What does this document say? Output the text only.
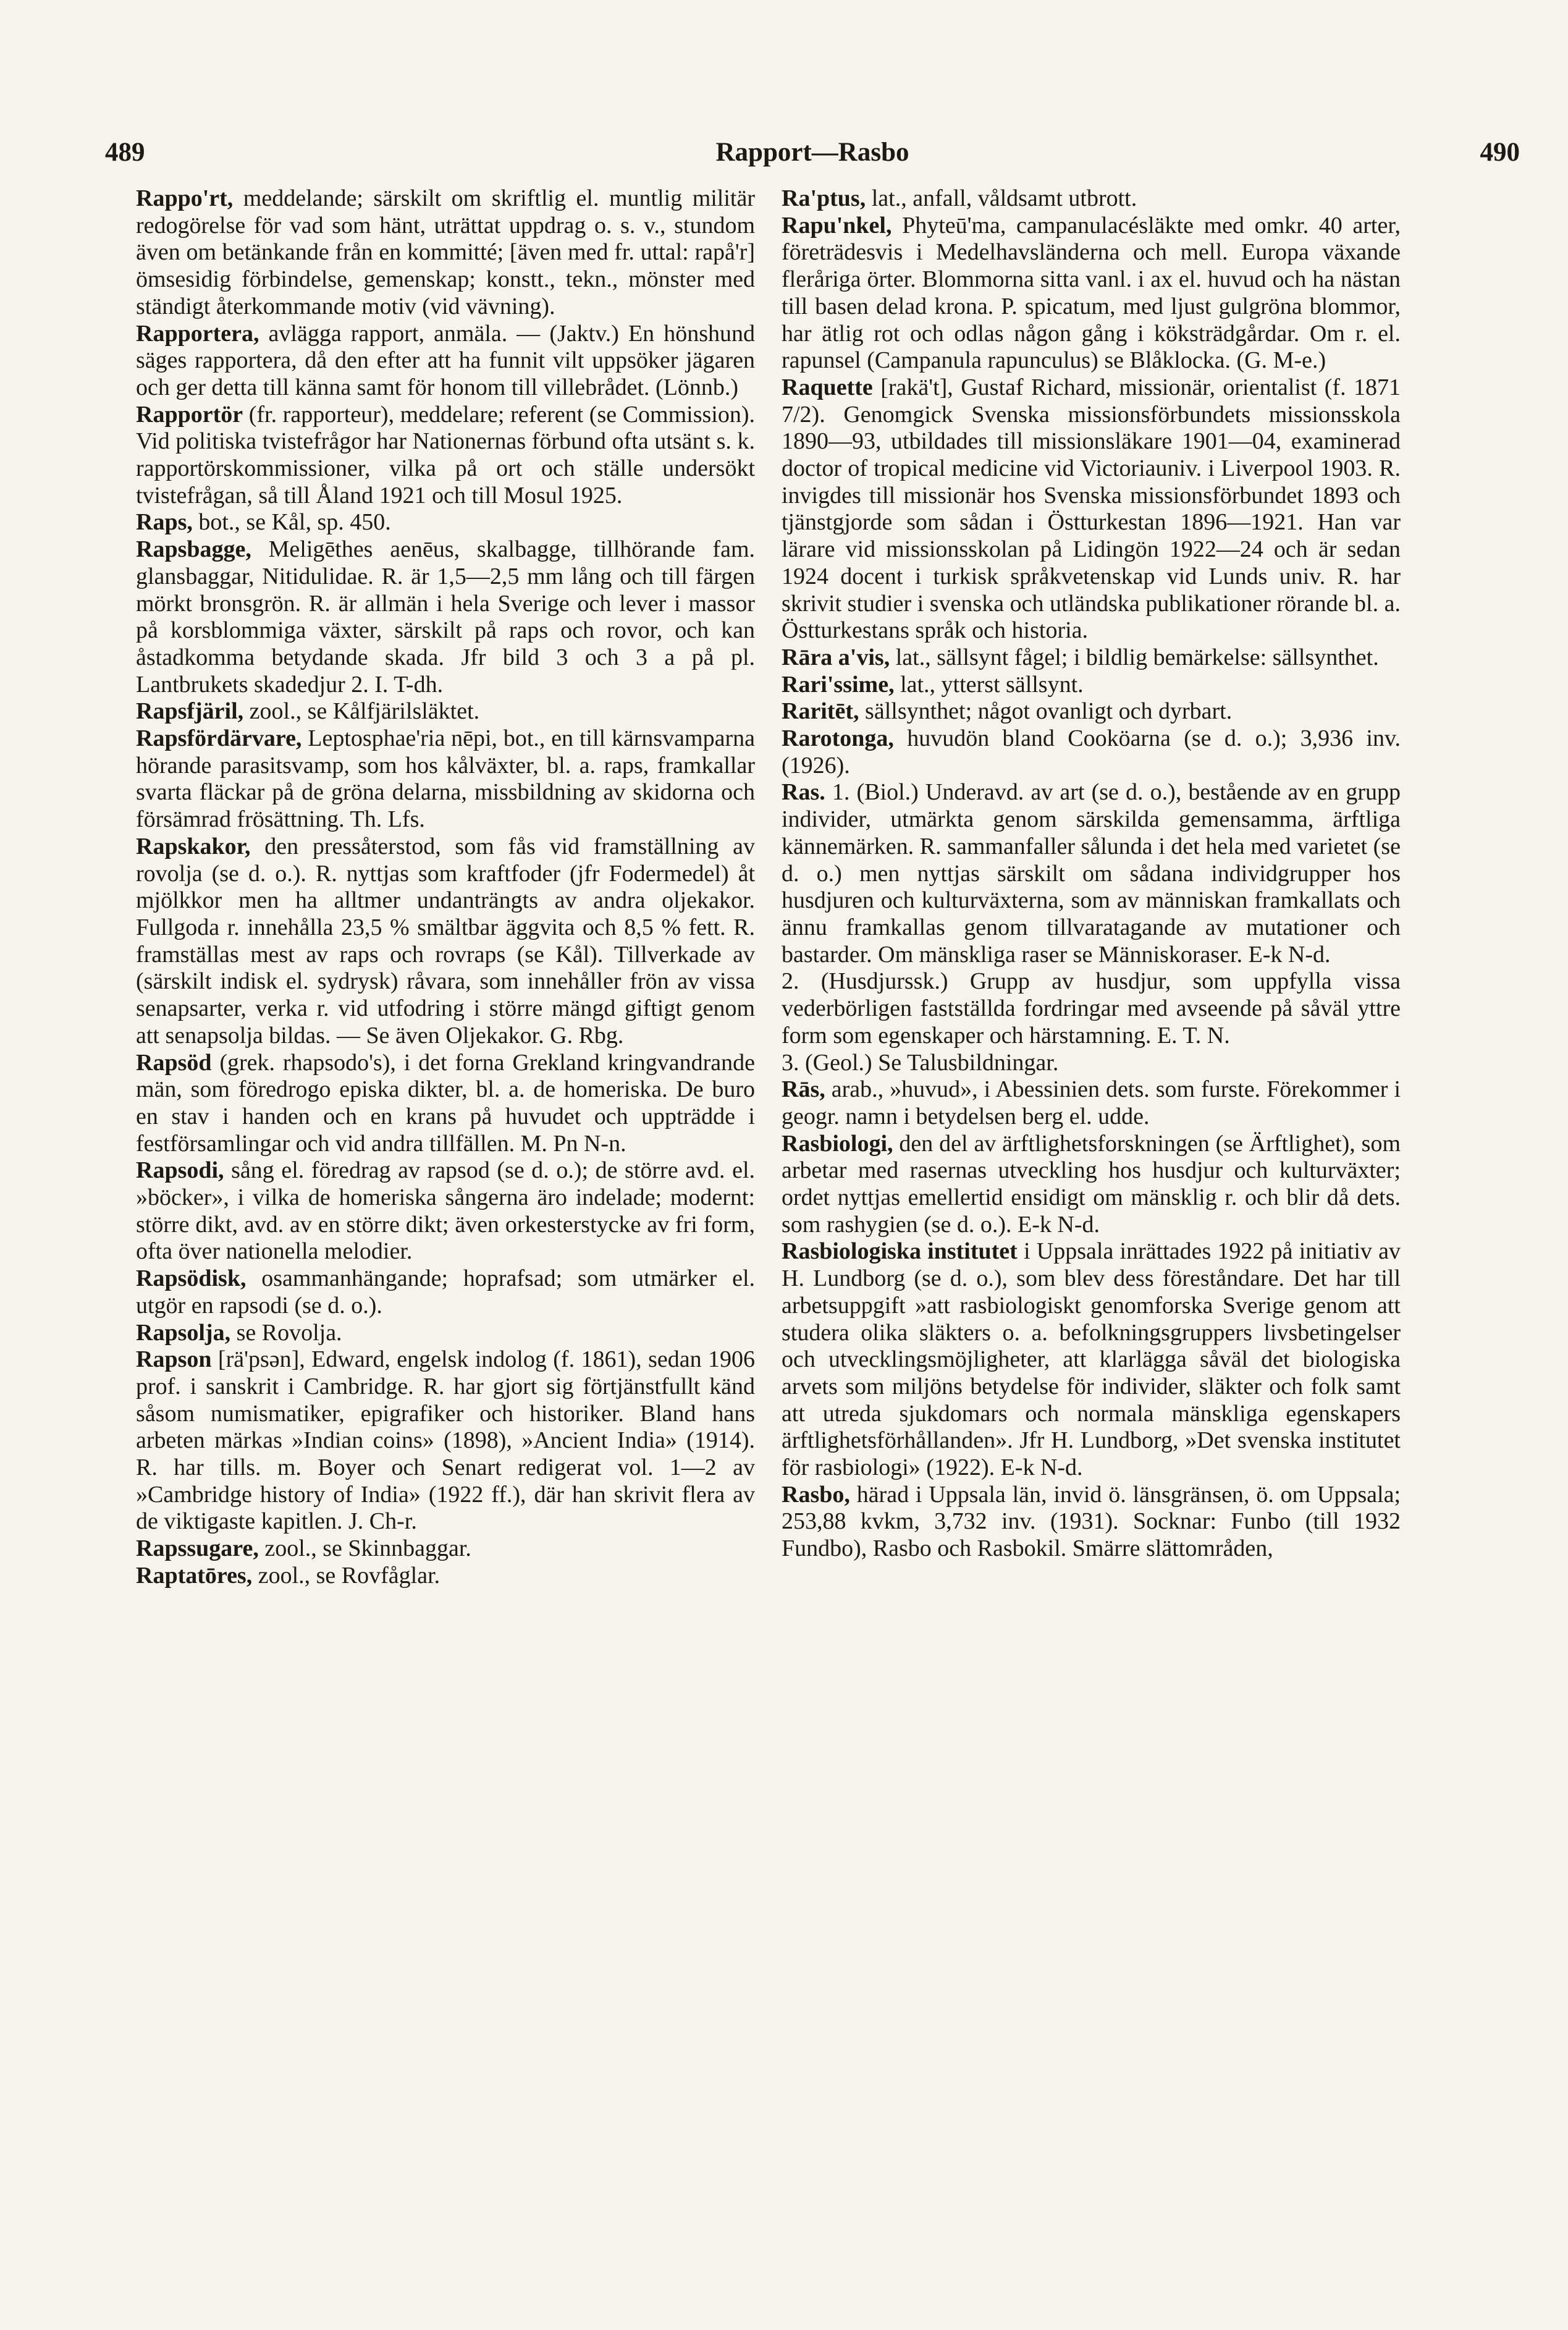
489	Rapport—Rasbo	490

Rappo'rt, meddelande; särskilt om skriftlig el. muntlig militär redogörelse för vad som hänt, uträttat uppdrag o. s. v., stundom även om betänkande från en kommitté; [även med fr. uttal: rapå'r] ömsesidig förbindelse, gemenskap; konstt., tekn., mönster med ständigt återkommande motiv (vid vävning).

Rapportera, avlägga rapport, anmäla. — (Jaktv.) En hönshund säges rapportera, då den efter att ha funnit vilt uppsöker jägaren och ger detta till känna samt för honom till villebrådet. (Lönnb.)

Rapportör (fr. rapporteur), meddelare; referent (se Commission). Vid politiska tvistefrågor har Nationernas förbund ofta utsänt s. k. rapportörskommissioner, vilka på ort och ställe undersökt tvistefrågan, så till Åland 1921 och till Mosul 1925.

Raps, bot., se Kål, sp. 450.

Rapsbagge, Meligēthes aenēus, skalbagge, tillhörande fam. glansbaggar, Nitidulidae. R. är 1,5—2,5 mm lång och till färgen mörkt bronsgrön. R. är allmän i hela Sverige och lever i massor på korsblommiga växter, särskilt på raps och rovor, och kan åstadkomma betydande skada. Jfr bild 3 och 3 a på pl. Lantbrukets skadedjur 2. I. T-dh.

Rapsfjäril, zool., se Kålfjärilsläktet.

Rapsfördärvare, Leptosphae'ria nēpi, bot., en till kärnsvamparna hörande parasitsvamp, som hos kålväxter, bl. a. raps, framkallar svarta fläckar på de gröna delarna, missbildning av skidorna och försämrad frösättning. Th. Lfs.

Rapskakor, den pressåterstod, som fås vid framställning av rovolja (se d. o.). R. nyttjas som kraftfoder (jfr Fodermedel) åt mjölkkor men ha alltmer undanträngts av andra oljekakor. Fullgoda r. innehålla 23,5 % smältbar äggvita och 8,5 % fett. R. framställas mest av raps och rovraps (se Kål). Tillverkade av (särskilt indisk el. sydrysk) råvara, som innehåller frön av vissa senapsarter, verka r. vid utfodring i större mängd giftigt genom att senapsolja bildas. — Se även Oljekakor. G. Rbg.

Rapsöd (grek. rhapsodo's), i det forna Grekland kringvandrande män, som föredrogo episka dikter, bl. a. de homeriska. De buro en stav i handen och en krans på huvudet och uppträdde i festförsamlingar och vid andra tillfällen. M. Pn N-n.

Rapsodi, sång el. föredrag av rapsod (se d. o.); de större avd. el. »böcker», i vilka de homeriska sångerna äro indelade; modernt: större dikt, avd. av en större dikt; även orkesterstycke av fri form, ofta över nationella melodier.

Rapsödisk, osammanhängande; hoprafsad; som utmärker el. utgör en rapsodi (se d. o.).

Rapsolja, se Rovolja.

Rapson [rä'psən], Edward, engelsk indolog (f. 1861), sedan 1906 prof. i sanskrit i Cambridge. R. har gjort sig förtjänstfullt känd såsom numismatiker, epigrafiker och historiker. Bland hans arbeten märkas »Indian coins» (1898), »Ancient India» (1914). R. har tills. m. Boyer och Senart redigerat vol. 1—2 av »Cambridge history of India» (1922 ff.), där han skrivit flera av de viktigaste kapitlen. J. Ch-r.

Rapssugare, zool., se Skinnbaggar.

Raptatōres, zool., se Rovfåglar.

Ra'ptus, lat., anfall, våldsamt utbrott.

Rapu'nkel, Phyteū'ma, campanulacésläkte med omkr. 40 arter, företrädesvis i Medelhavsländerna och mell. Europa växande fleråriga örter. Blommorna sitta vanl. i ax el. huvud och ha nästan till basen delad krona. P. spicatum, med ljust gulgröna blommor, har ätlig rot och odlas någon gång i köksträdgårdar. Om r. el. rapunsel (Campanula rapunculus) se Blåklocka. (G. M-e.)

Raquette [rakä't], Gustaf Richard, missionär, orientalist (f. 1871 7/2). Genomgick Svenska missionsförbundets missionsskola 1890—93, utbildades till missionsläkare 1901—04, examinerad doctor of tropical medicine vid Victoriauniv. i Liverpool 1903. R. invigdes till missionär hos Svenska missionsförbundet 1893 och tjänstgjorde som sådan i Östturkestan 1896—1921. Han var lärare vid missionsskolan på Lidingön 1922—24 och är sedan 1924 docent i turkisk språkvetenskap vid Lunds univ. R. har skrivit studier i svenska och utländska publikationer rörande bl. a. Östturkestans språk och historia.

Rāra a'vis, lat., sällsynt fågel; i bildlig bemärkelse: sällsynthet.

Rari'ssime, lat., ytterst sällsynt.

Raritēt, sällsynthet; något ovanligt och dyrbart.

Rarotonga, huvudön bland Cooköarna (se d. o.); 3,936 inv. (1926).

Ras. 1. (Biol.) Underavd. av art (se d. o.), bestående av en grupp individer, utmärkta genom särskilda gemensamma, ärftliga kännemärken. R. sammanfaller sålunda i det hela med varietet (se d. o.) men nyttjas särskilt om sådana individgrupper hos husdjuren och kulturväxterna, som av människan framkallats och ännu framkallas genom tillvaratagande av mutationer och bastarder. Om mänskliga raser se Människoraser. E-k N-d.

2. (Husdjurssk.) Grupp av husdjur, som uppfylla vissa vederbörligen fastställda fordringar med avseende på såväl yttre form som egenskaper och härstamning. E. T. N.

3. (Geol.) Se Talusbildningar.

Rās, arab., »huvud», i Abessinien dets. som furste. Förekommer i geogr. namn i betydelsen berg el. udde.

Rasbiologi, den del av ärftlighetsforskningen (se Ärftlighet), som arbetar med rasernas utveckling hos husdjur och kulturväxter; ordet nyttjas emellertid ensidigt om mänsklig r. och blir då dets. som rashygien (se d. o.). E-k N-d.

Rasbiologiska institutet i Uppsala inrättades 1922 på initiativ av H. Lundborg (se d. o.), som blev dess föreståndare. Det har till arbetsuppgift »att rasbiologiskt genomforska Sverige genom att studera olika släkters o. a. befolkningsgruppers livsbetingelser och utvecklingsmöjligheter, att klarlägga såväl det biologiska arvets som miljöns betydelse för individer, släkter och folk samt att utreda sjukdomars och normala mänskliga egenskapers ärftlighetsförhållanden». Jfr H. Lundborg, »Det svenska institutet för rasbiologi» (1922). E-k N-d.

Rasbo, härad i Uppsala län, invid ö. länsgränsen, ö. om Uppsala; 253,88 kvkm, 3,732 inv. (1931). Socknar: Funbo (till 1932 Fundbo), Rasbo och Rasbokil. Smärre slättområden,
